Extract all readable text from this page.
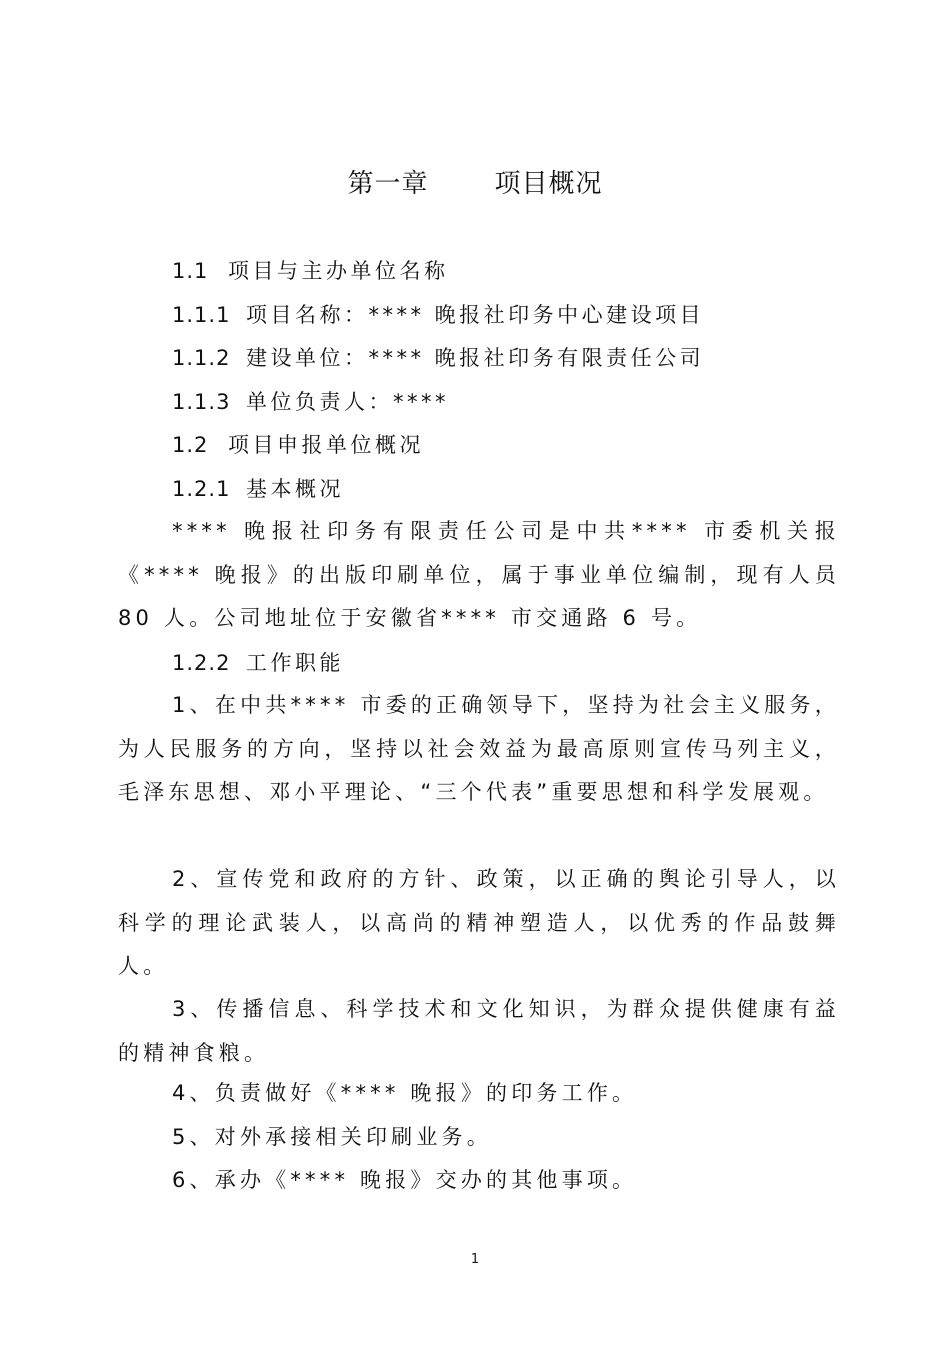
第一章	项目概况
1.1 项目与主办单位名称
1.1.1 项目名称：**** 晚报社印务中心建设项目
1.1.2 建设单位：**** 晚报社印务有限责任公司
1.1.3 单位负责人：****
1.2 项目申报单位概况
1.2.1 基本概况

**** 晚报社印务有限责任公司是中共**** 市委机关报《**** 晚报》的出版印刷单位，属于事业单位编制，现有人员 80 人。公司地址位于安徽省**** 市交通路 6 号。

1.2.2 工作职能

1、在中共**** 市委的正确领导下，坚持为社会主义服务，为人民服务的方向，坚持以社会效益为最高原则宣传马列主义，毛泽东思想、邓小平理论、“三个代表”重要思想和科学发展观。

2、宣传党和政府的方针、政策，以正确的舆论引导人，以科学的理论武装人，以高尚的精神塑造人，以优秀的作品鼓舞人。

3、传播信息、科学技术和文化知识，为群众提供健康有益的精神食粮。

4、负责做好《**** 晚报》的印务工作。
5、对外承接相关印刷业务。
6、承办《**** 晚报》交办的其他事项。
1
